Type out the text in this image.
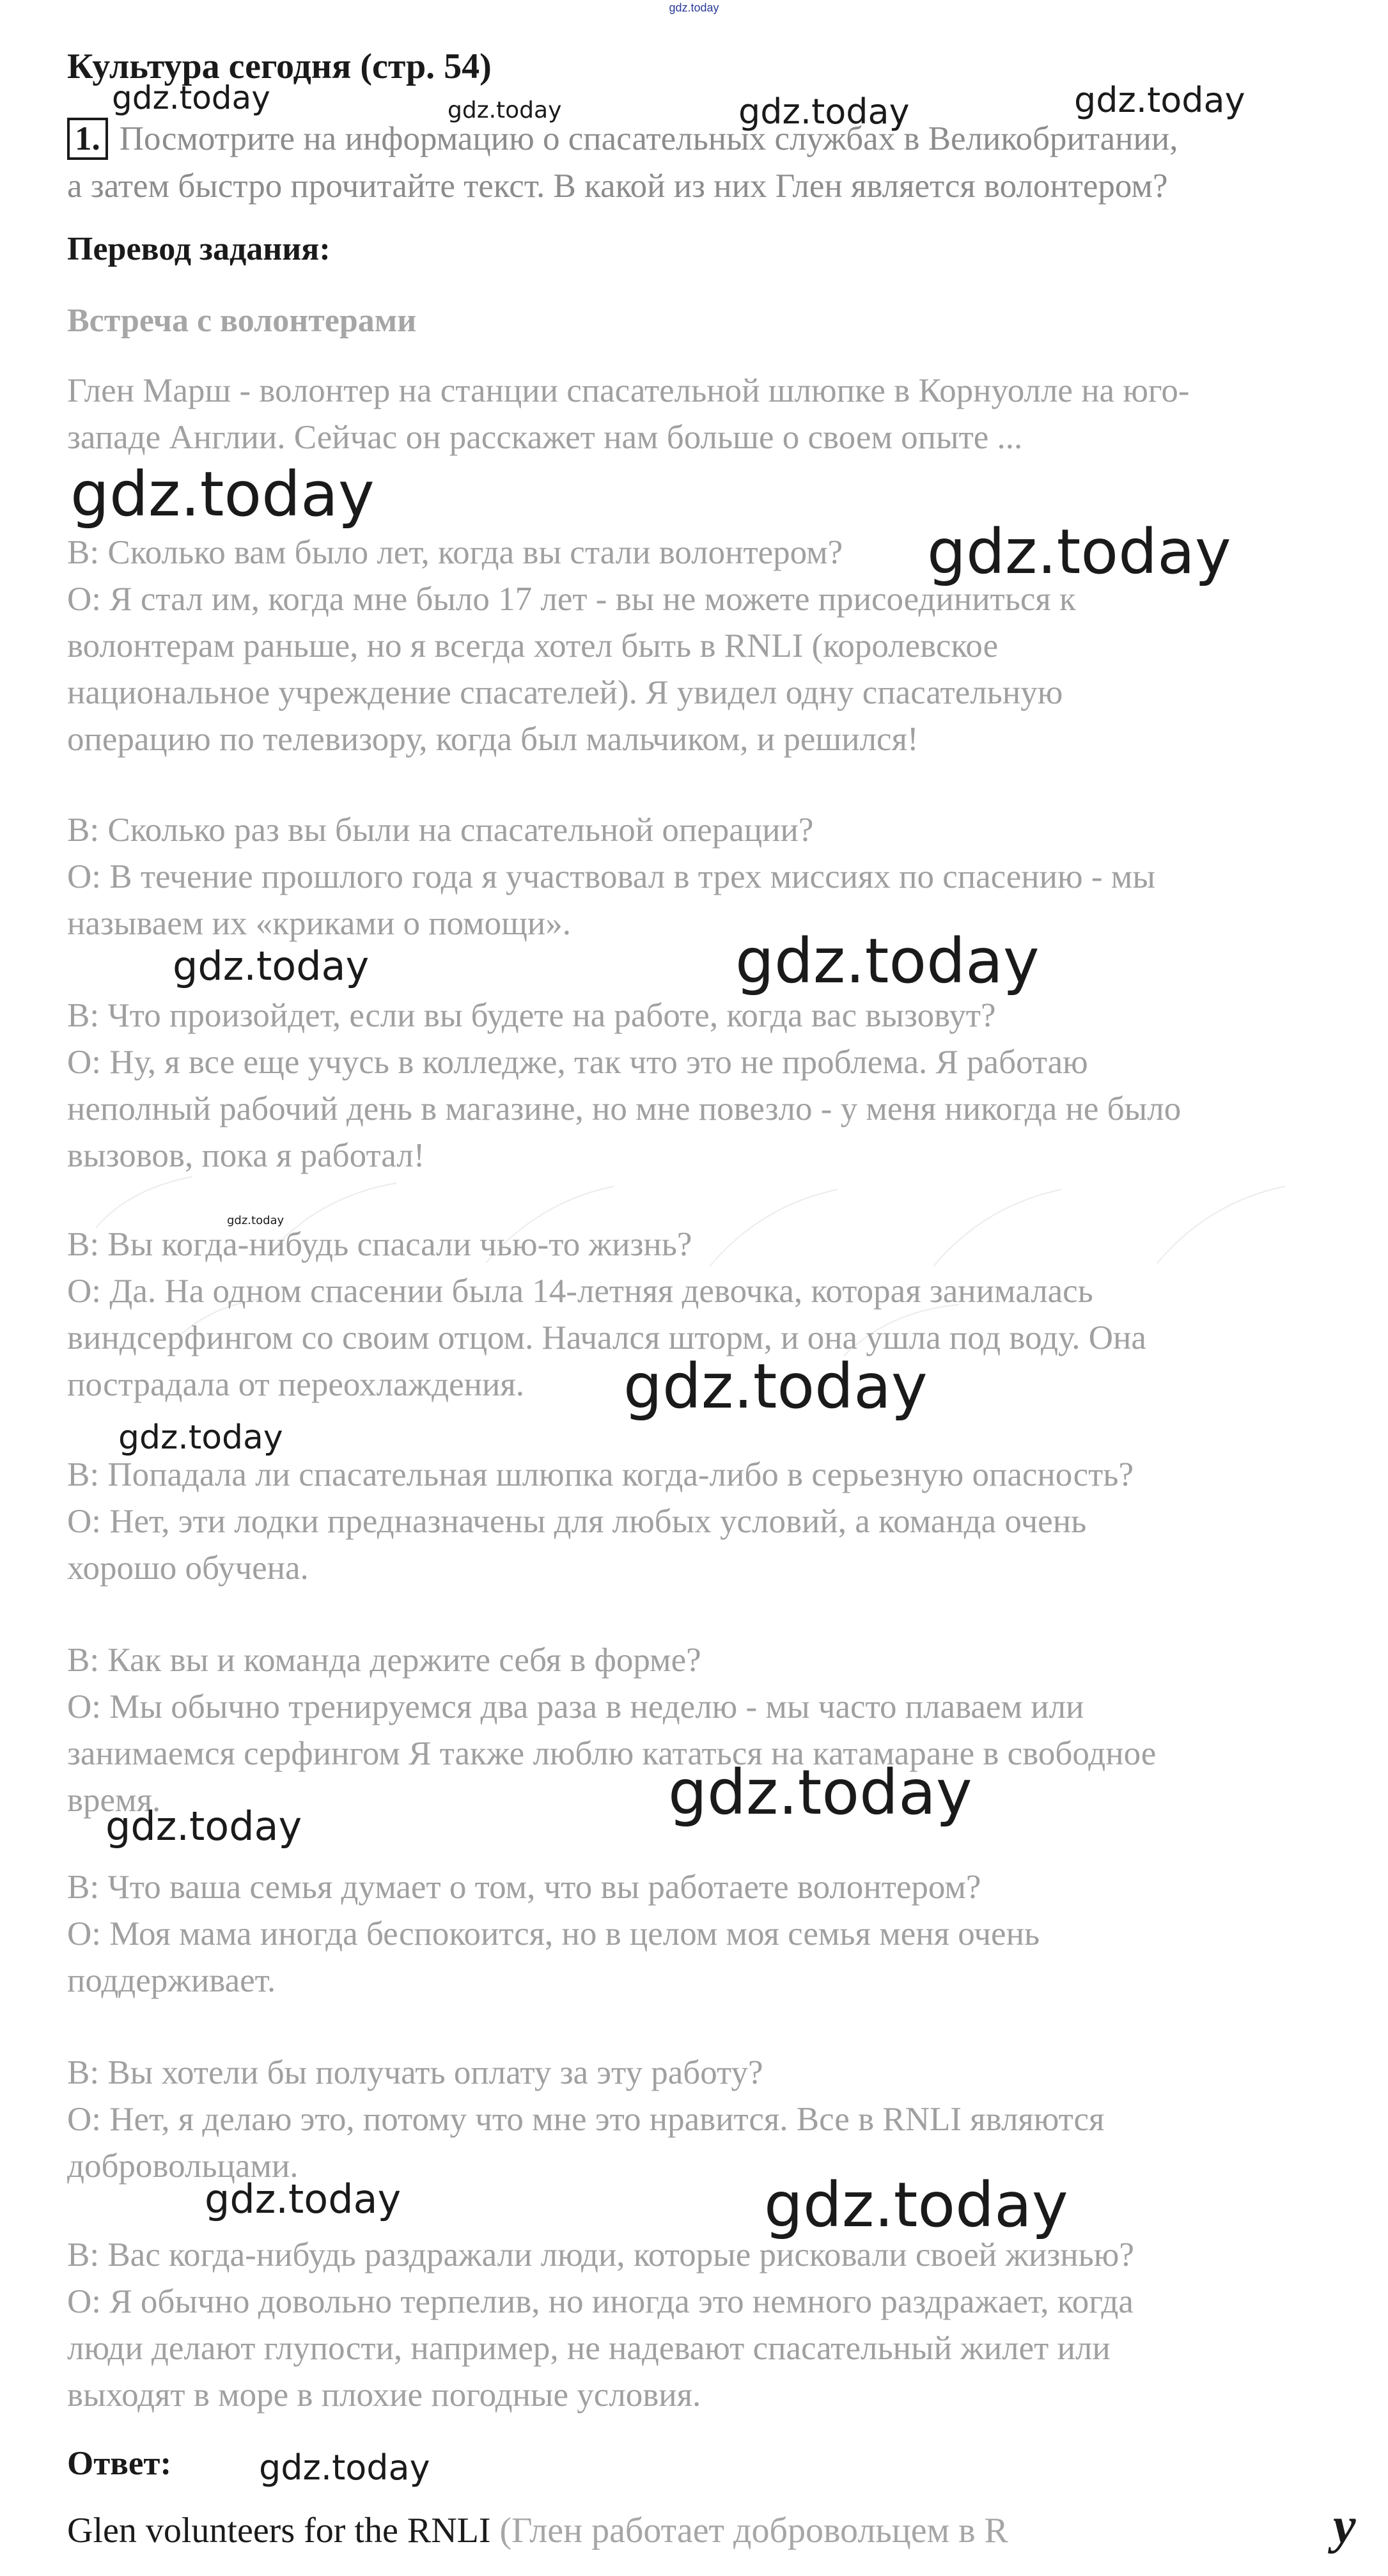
gdz.today
Культура сегодня (стр. 54)
1. Посмотрите на информацию о спасательных службах в Великобритании,
а затем быстро прочитайте текст. В какой из них Глен является волонтером?
Перевод задания:
Встреча с волонтерами

Глен Марш - волонтер на станции спасательной шлюпке в Корнуолле на юго-

западе Англии. Сейчас он расскажет нам больше о своем опыте ...

В: Сколько вам было лет, когда вы стали волонтером?

О: Я стал им, когда мне было 17 лет - вы не можете присоединиться к

волонтерам раньше, но я всегда хотел быть в RNLI (королевское

национальное учреждение спасателей). Я увидел одну спасательную

операцию по телевизору, когда был мальчиком, и решился!

В: Сколько раз вы были на спасательной операции?

О: В течение прошлого года я участвовал в трех миссиях по спасению - мы

называем их «криками о помощи».

В: Что произойдет, если вы будете на работе, когда вас вызовут?

О: Ну, я все еще учусь в колледже, так что это не проблема. Я работаю

неполный рабочий день в магазине, но мне повезло - у меня никогда не было

вызовов, пока я работал!

В: Вы когда-нибудь спасали чью-то жизнь?

О: Да. На одном спасении была 14-летняя девочка, которая занималась

виндсерфингом со своим отцом. Начался шторм, и она ушла под воду. Она

пострадала от переохлаждения.

В: Попадала ли спасательная шлюпка когда-либо в серьезную опасность?

О: Нет, эти лодки предназначены для любых условий, а команда очень

хорошо обучена.

В: Как вы и команда держите себя в форме?

О: Мы обычно тренируемся два раза в неделю - мы часто плаваем или

занимаемся серфингом Я также люблю кататься на катамаране в свободное

время.

В: Что ваша семья думает о том, что вы работаете волонтером?

О: Моя мама иногда беспокоится, но в целом моя семья меня очень

поддерживает.

В: Вы хотели бы получать оплату за эту работу?

О: Нет, я делаю это, потому что мне это нравится. Все в RNLI являются

добровольцами.

В: Вас когда-нибудь раздражали люди, которые рисковали своей жизнью?

О: Я обычно довольно терпелив, но иногда это немного раздражает, когда

люди делают глупости, например, не надевают спасательный жилет или

выходят в море в плохие погодные условия.

Ответ:
Glen volunteers for the RNLI (Глен работает добровольцем в R	y
gdz.today	gdz.today	gdz.today	gdz.today
gdz.today
gdz.today
gdz.today	gdz.today
gdz.today
gdz.today
gdz.today
gdz.today
gdz.today
gdz.today	gdz.today
gdz.today
